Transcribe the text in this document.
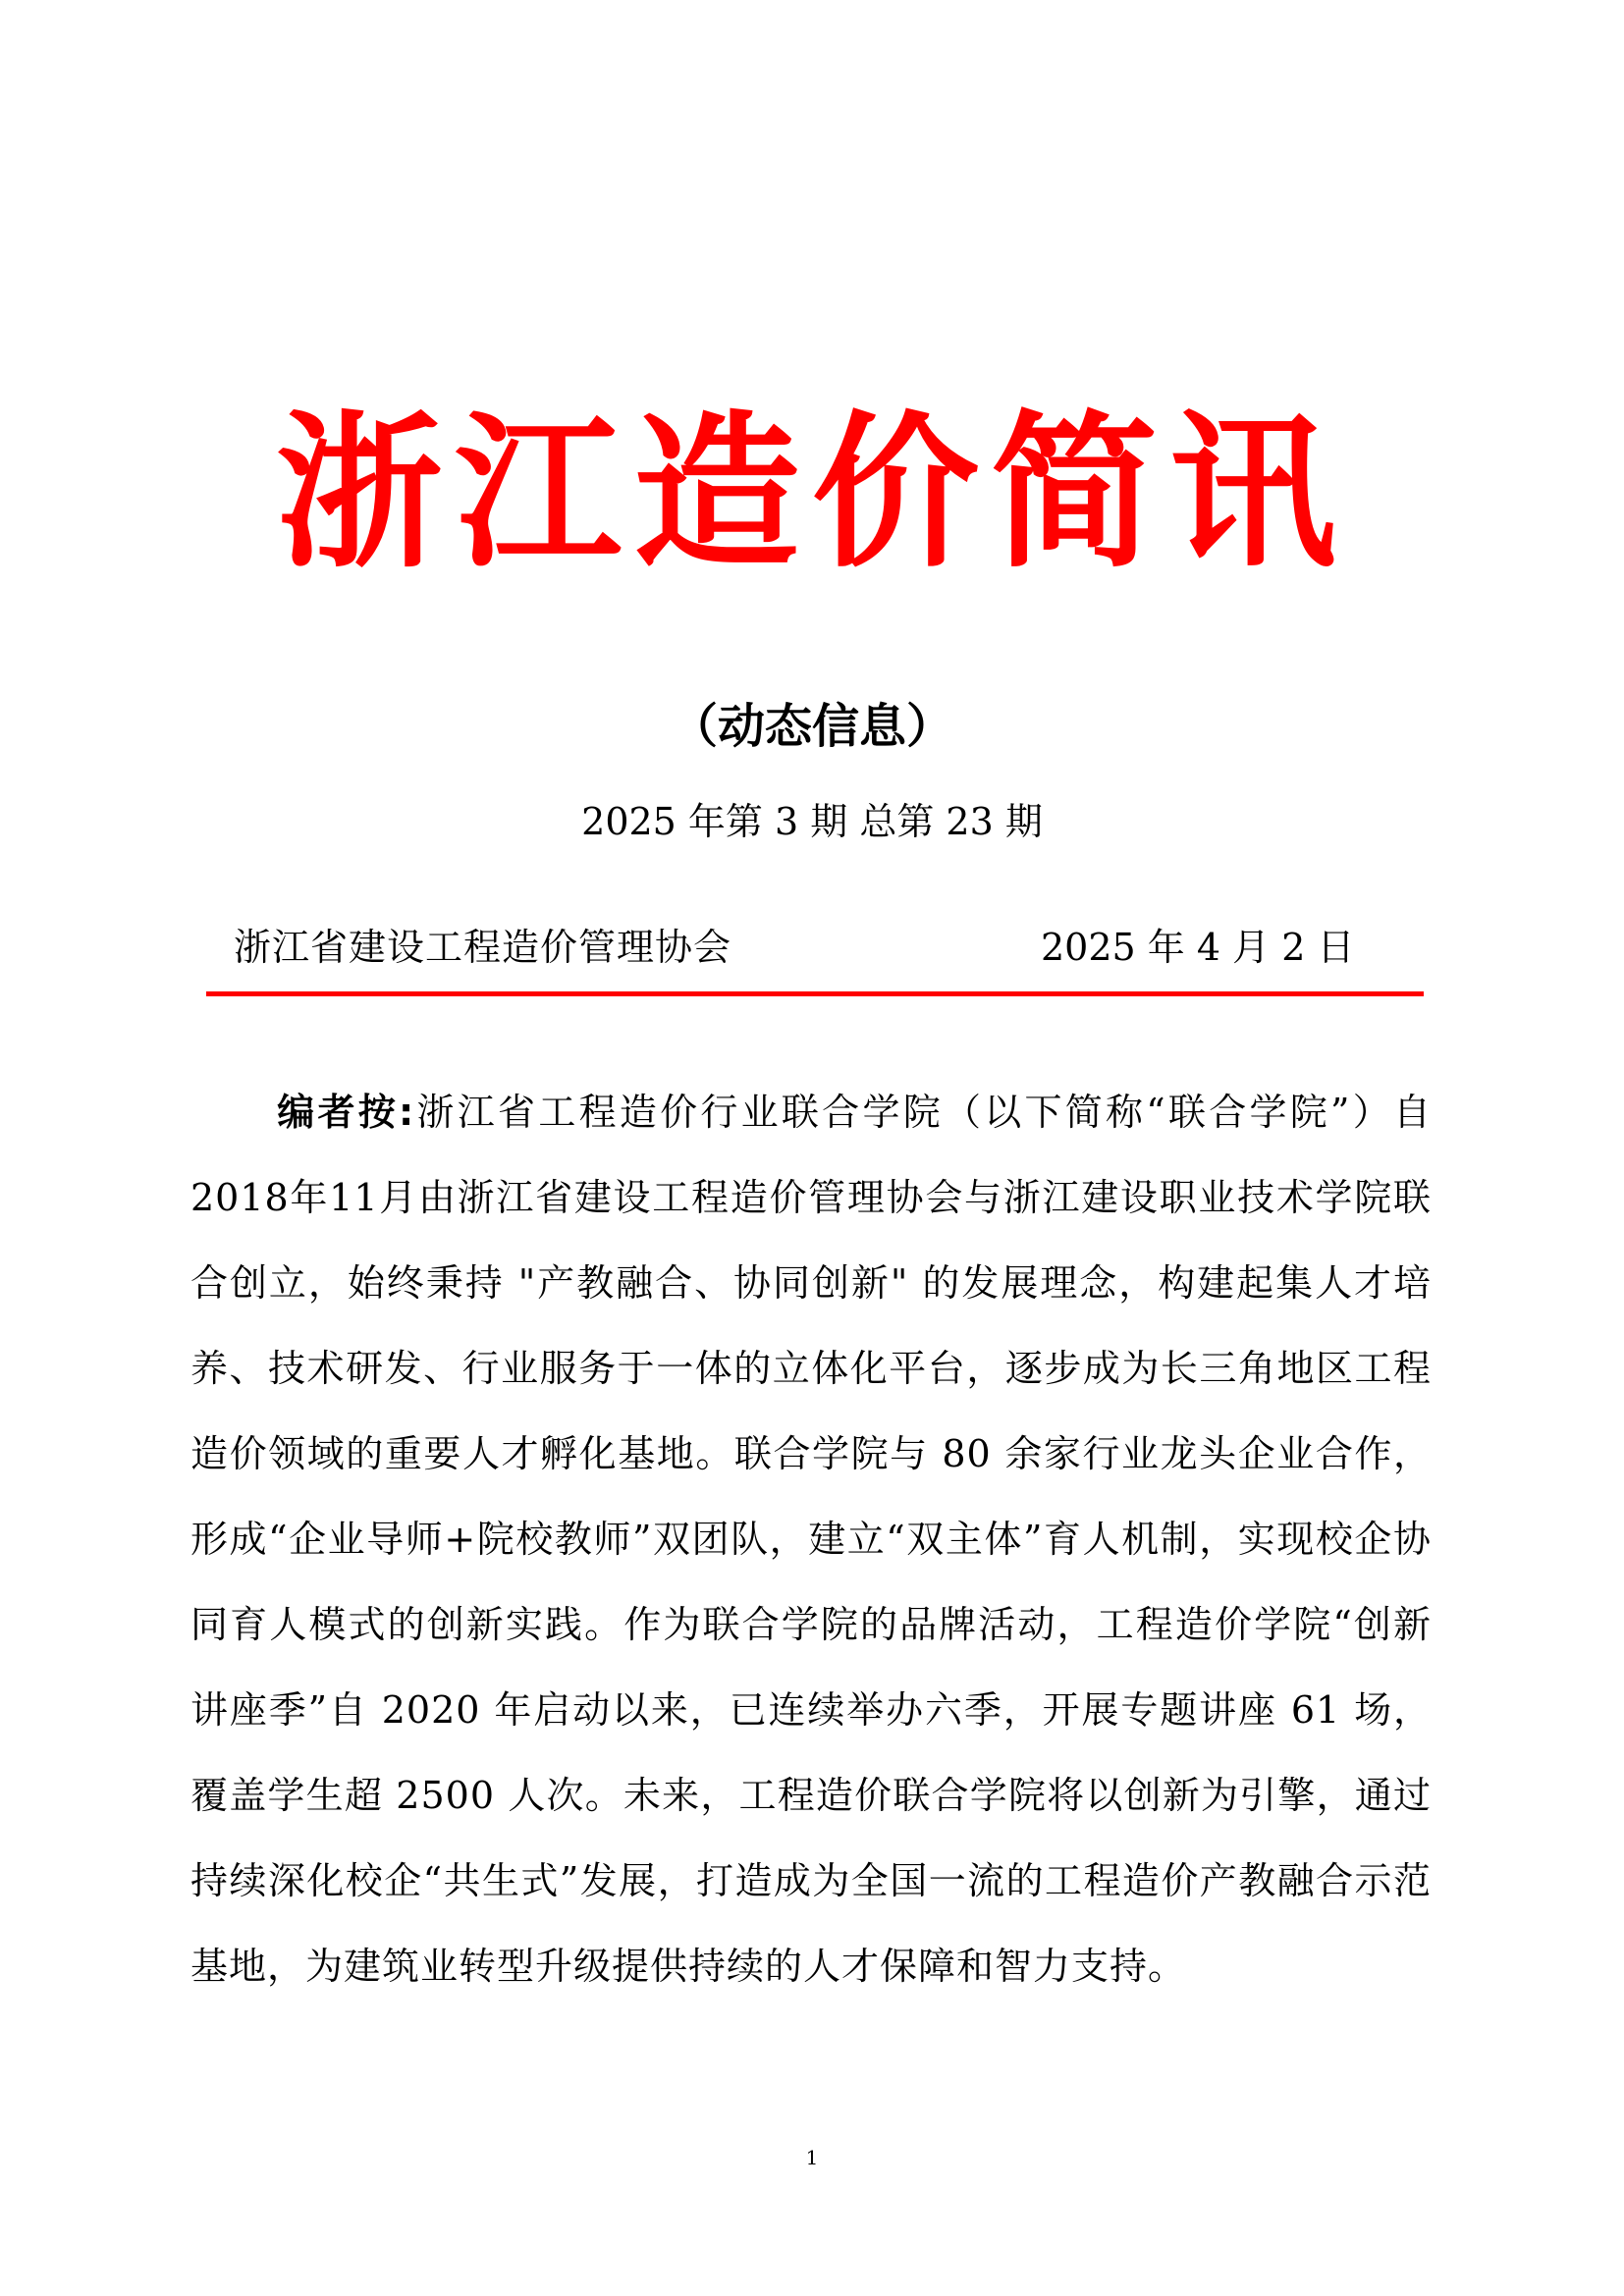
浙江造价简讯
（动态信息）
2025 年第 3 期 总第 23 期
浙江省建设工程造价管理协会	2025 年 4 月 2 日

编者按:浙江省工程造价行业联合学院（以下简称“联合学院”）自2018年11月由浙江省建设工程造价管理协会与浙江建设职业技术学院联合创立，始终秉持 "产教融合、协同创新" 的发展理念，构建起集人才培养、技术研发、行业服务于一体的立体化平台，逐步成为长三角地区工程造价领域的重要人才孵化基地。联合学院与 80 余家行业龙头企业合作，形成“企业导师+院校教师”双团队，建立“双主体”育人机制，实现校企协同育人模式的创新实践。作为联合学院的品牌活动，工程造价学院“创新讲座季”自 2020 年启动以来，已连续举办六季，开展专题讲座 61 场，覆盖学生超 2500 人次。未来，工程造价联合学院将以创新为引擎，通过持续深化校企“共生式”发展，打造成为全国一流的工程造价产教融合示范基地，为建筑业转型升级提供持续的人才保障和智力支持。

1
